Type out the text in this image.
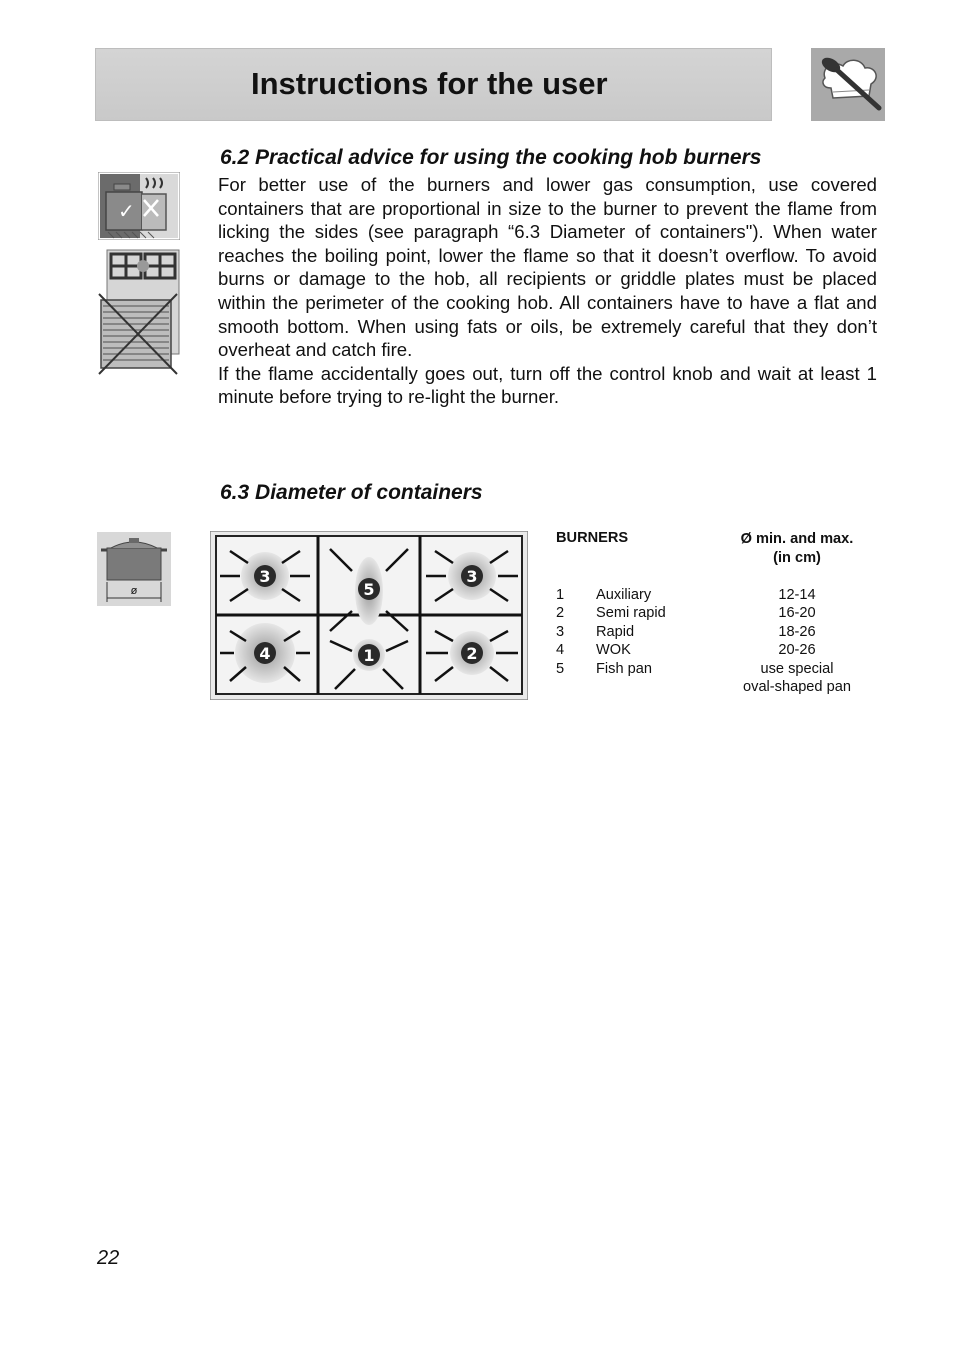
Instructions for the user
6.2 Practical advice for using the cooking hob burners

For better use of the burners and lower gas consumption, use covered containers that are proportional in size to the burner to prevent the flame from licking the sides (see paragraph “6.3 Diameter of containers"). When water reaches the boiling point, lower the flame so that it doesn’t overflow. To avoid burns or damage to the hob, all recipients or griddle plates must be placed within the perimeter of the cooking hob. All containers have to have a flat and smooth bottom. When using fats or oils, be extremely careful that they don’t overheat and catch fire.

If the flame accidentally goes out, turn off the control knob and wait at least 1 minute before trying to re-light the burner.

✓
6.3 Diameter of containers
ø
3
5
3
4	1	2
BURNERS	Ø min. and max.
(in cm)
1 Auxiliary	12-14
2 Semi rapid	16-20
3 Rapid	18-26
4 WOK	20-26
5 Fish pan	use special
oval-shaped pan
22
